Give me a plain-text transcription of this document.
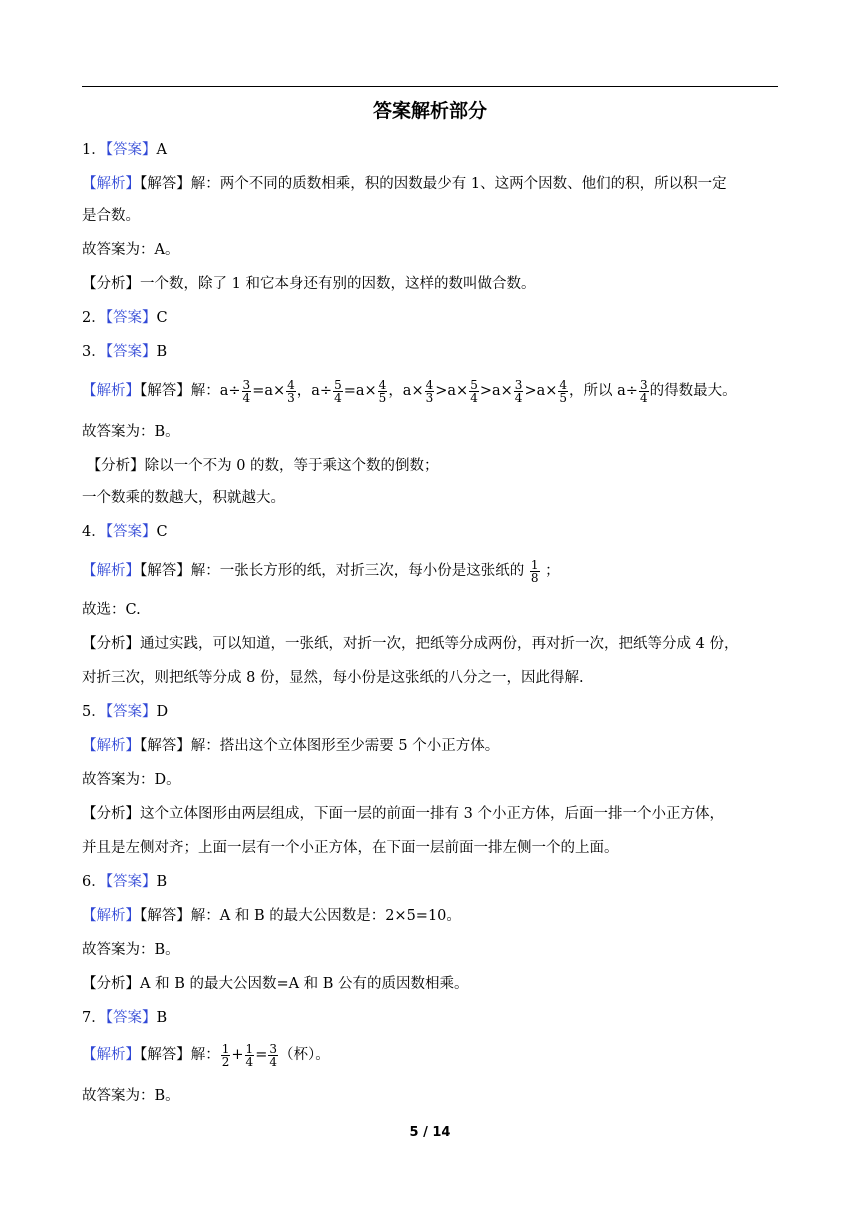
答案解析部分
1．【答案】A
【解析】【解答】解：两个不同的质数相乘，积的因数最少有 1、这两个因数、他们的积，所以积一定
是合数。
故答案为：A。
【分析】一个数，除了 1 和它本身还有别的因数，这样的数叫做合数。
2．【答案】C
3．【答案】B
【解析】【解答】解：$a\div \frac{3}{4} =a\times \frac{4}{3}$ ，$a\div \frac{5}{4} =a\times \frac{4}{5}$ ，$a\times \frac{4}{3} >a\times \frac{5}{4} >a\times \frac{3}{4} >a\times \frac{4}{5}$ ，所以 $a\div \frac{3}{4}$ 的得数最大。
故答案为：B。
【分析】除以一个不为 0 的数，等于乘这个数的倒数；
一个数乘的数越大，积就越大。
4．【答案】C
【解析】【解答】解：一张长方形的纸，对折三次，每小份是这张纸的 $\frac{1}{8}$ ；
故选：C.
【分析】通过实践，可以知道，一张纸，对折一次，把纸等分成两份，再对折一次，把纸等分成 4 份，
对折三次，则把纸等分成 8 份，显然，每小份是这张纸的八分之一，因此得解.
5．【答案】D
【解析】【解答】解：搭出这个立体图形至少需要 5 个小正方体。
故答案为：D。
【分析】这个立体图形由两层组成，下面一层的前面一排有 3 个小正方体，后面一排一个小正方体，
并且是左侧对齐；上面一层有一个小正方体，在下面一层前面一排左侧一个的上面。
6．【答案】B
【解析】【解答】解：A 和 B 的最大公因数是：2×5=10。
故答案为：B。
【分析】A 和 B 的最大公因数=A 和 B 公有的质因数相乘。
7．【答案】B
【解析】【解答】解： $\frac{1}{2} + \frac{1}{4} = \frac{3}{4}$ （杯）。
故答案为：B。
5 / 14
